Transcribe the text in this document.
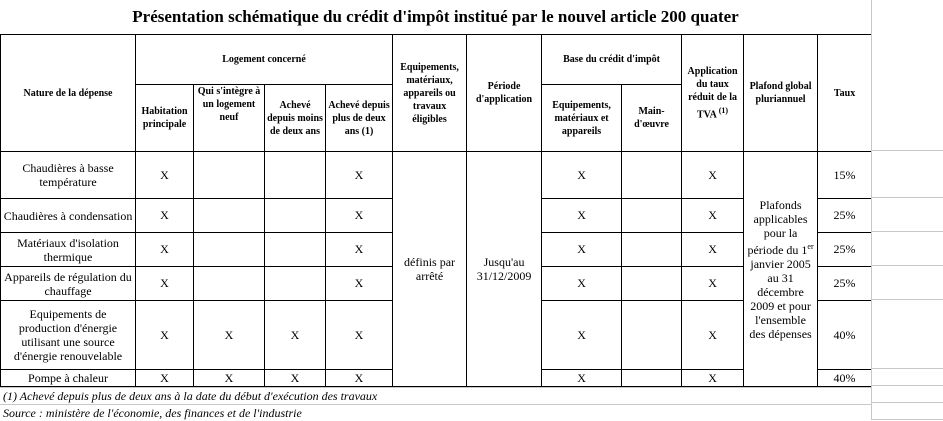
Présentation schématique du crédit d'impôt institué par le nouvel article 200 quater
Nature de la dépense	Logement concerné				Equipements, matériaux, appareils ou travaux éligibles	Période d'application	Base du crédit d'impôt		Application du taux réduit de la TVA $^{(1)}$	Plafond global pluriannuel	Taux
	Habitation principale	Qui s'intègre à un logement neuf	Achevé depuis moins de deux ans	Achevé depuis plus de deux ans (1)			Equipements, matériaux et appareils	Main-d'œuvre			
Chaudières à basse température	X			X	définis par arrêté	Jusqu'au 31/12/2009	X		X	Plafonds applicables pour la période du 1er janvier 2005 au 31 décembre 2009 et pour l'ensemble des dépenses	15%
Chaudières à condensation	X			X			X		X		25%
Matériaux d'isolation thermique	X			X			X		X		25%
Appareils de régulation du chauffage	X			X			X		X		25%
Equipements de production d'énergie utilisant une source d'énergie renouvelable	X	X	X	X			X		X		40%
Pompe à chaleur	X	X	X	X			X		X		40%
(1) Achevé depuis plus de deux ans à la date du début d'exécution des travaux
Source : ministère de l'économie, des finances et de l'industrie
